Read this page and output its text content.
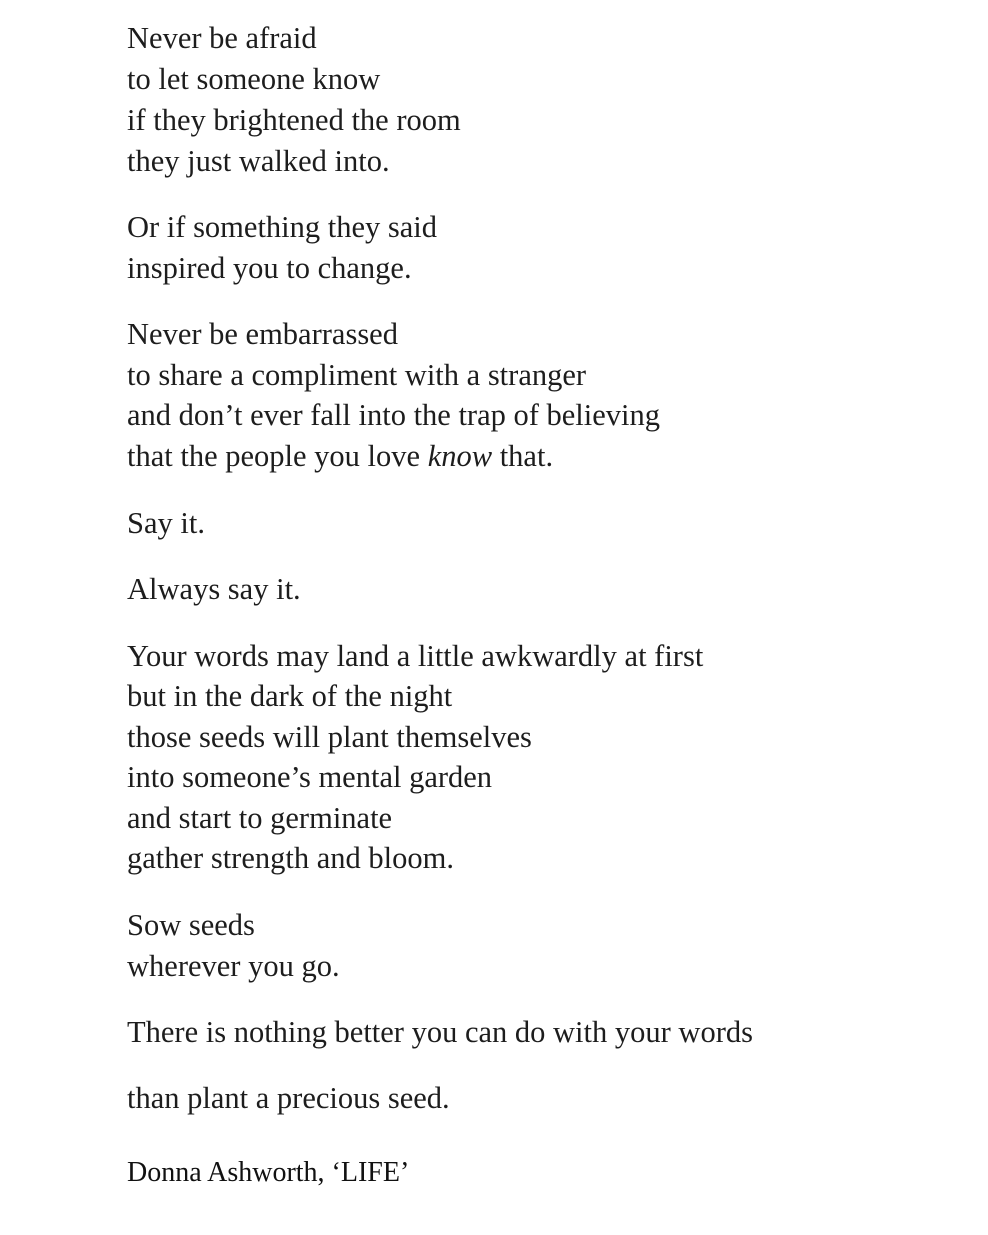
Never be afraid
to let someone know
if they brightened the room
they just walked into.
Or if something they said
inspired you to change.
Never be embarrassed
to share a compliment with a stranger
and don’t ever fall into the trap of believing
that the people you love know that.
Say it.
Always say it.
Your words may land a little awkwardly at first
but in the dark of the night
those seeds will plant themselves
into someone’s mental garden
and start to germinate
gather strength and bloom.
Sow seeds
wherever you go.
There is nothing better you can do with your words
than plant a precious seed.
Donna Ashworth, ‘LIFE’
